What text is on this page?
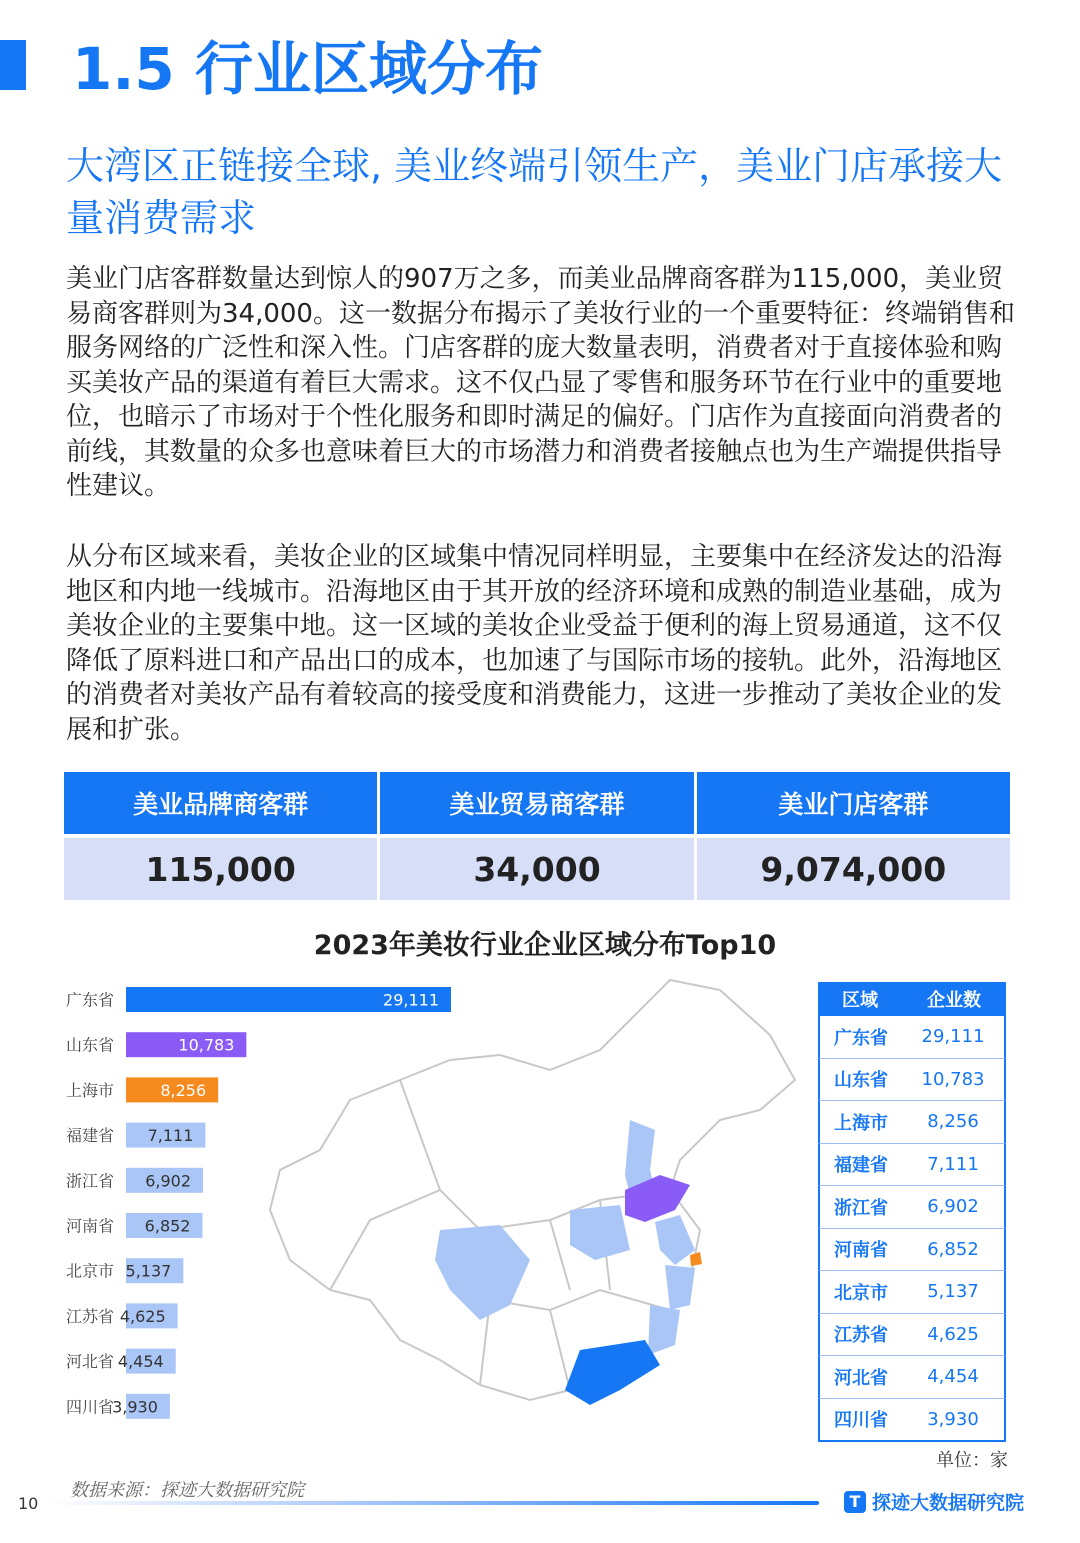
1.5 行业区域分布
大湾区正链接全球, 美业终端引领生产，美业门店承接大量消费需求

美业门店客群数量达到惊人的907万之多，而美业品牌商客群为115,000，美业贸易商客群则为34,000。这一数据分布揭示了美妆行业的一个重要特征：终端销售和服务网络的广泛性和深入性。门店客群的庞大数量表明，消费者对于直接体验和购买美妆产品的渠道有着巨大需求。这不仅凸显了零售和服务环节在行业中的重要地位，也暗示了市场对于个性化服务和即时满足的偏好。门店作为直接面向消费者的前线，其数量的众多也意味着巨大的市场潜力和消费者接触点也为生产端提供指导性建议。

从分布区域来看，美妆企业的区域集中情况同样明显，主要集中在经济发达的沿海地区和内地一线城市。沿海地区由于其开放的经济环境和成熟的制造业基础，成为美妆企业的主要集中地。这一区域的美妆企业受益于便利的海上贸易通道，这不仅降低了原料进口和产品出口的成本，也加速了与国际市场的接轨。此外，沿海地区的消费者对美妆产品有着较高的接受度和消费能力，这进一步推动了美妆企业的发展和扩张。

美业品牌商客群	美业贸易商客群	美业门店客群
115,000	34,000	9,074,000
2023年美妆行业企业区域分布Top10
广东省	29,111
山东省	10,783
上海市	8,256
福建省 7,111
浙江省 6,902
河南省 6,852
北京市 5,137
江苏省 4,625
河北省 4,454
四川省
3,930
区域	企业数
广东省	29,111
山东省	10,783
上海市	8,256
福建省	7,111
浙江省	6,902
河南省	6,852
北京市	5,137
江苏省	4,625
河北省	4,454
四川省	3,930

单位：家

数据来源：探迹大数据研究院

10	T 探迹大数据研究院
